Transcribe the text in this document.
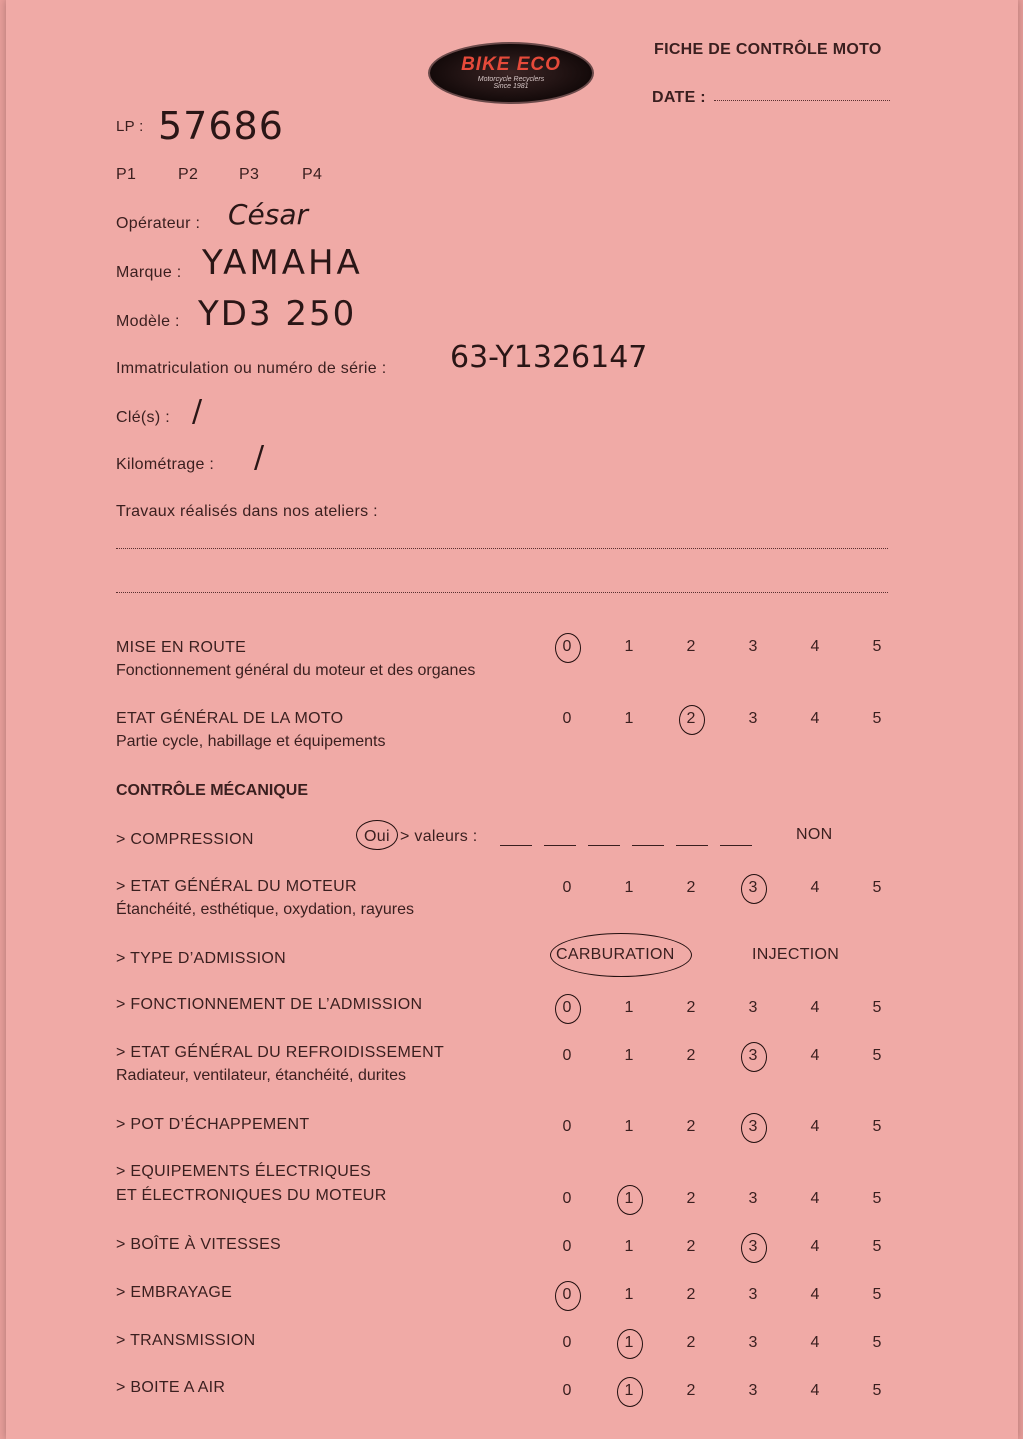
BIKE ECO
Motorcycle Recyclers
Since 1981
FICHE DE CONTRÔLE MOTO
DATE :
LP : 57686
P1	P2	P3	P4
Opérateur : César
Marque : YAMAHA
Modèle : YD3 250
Immatriculation ou numéro de série : 63-Y1326147
Clé(s) : /
Kilométrage : /
Travaux réalisés dans nos ateliers :
MISE EN ROUTE
Fonctionnement général du moteur et des organes
0	1	2	3	4	5
ETAT GÉNÉRAL DE LA MOTO
Partie cycle, habillage et équipements
0	1	2	3	4	5
CONTRÔLE MÉCANIQUE
> COMPRESSION	Oui > valeurs :	NON
> ETAT GÉNÉRAL DU MOTEUR
Étanchéité, esthétique, oxydation, rayures
0	1	2	3	4	5
> TYPE D’ADMISSION	CARBURATION	INJECTION
> FONCTIONNEMENT DE L’ADMISSION	0	1	2	3	4	5
> ETAT GÉNÉRAL DU REFROIDISSEMENT
Radiateur, ventilateur, étanchéité, durites
0	1	2	3	4	5
> POT D’ÉCHAPPEMENT	0	1	2	3	4	5
> EQUIPEMENTS ÉLECTRIQUES
ET ÉLECTRONIQUES DU MOTEUR	0	1	2	3	4	5
> BOÎTE À VITESSES	0	1	2	3	4	5
> EMBRAYAGE	0	1	2	3	4	5
> TRANSMISSION	0	1	2	3	4	5
> BOITE A AIR	0	1	2	3	4	5
